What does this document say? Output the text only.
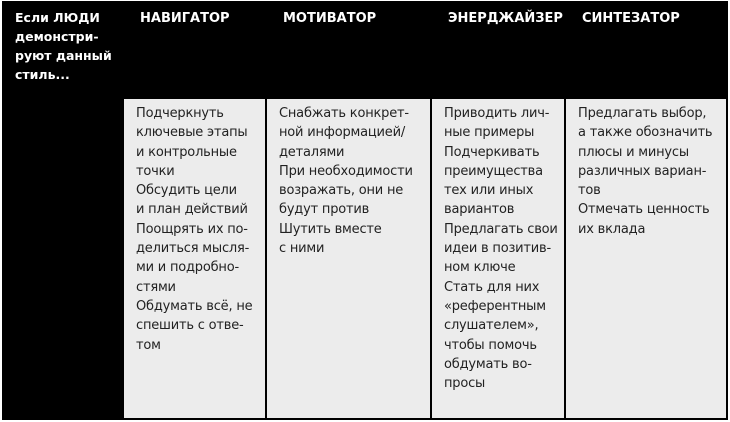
Если ЛЮДИ
демонстри-
руют данный
стиль...
НАВИГАТОР
Подчеркнуть
ключевые этапы
и контрольные
точки
Обсудить цели
и план действий
Поощрять их по-
делиться мысля-
ми и подробно-
стями
Обдумать всё, не
спешить с отве-
том
МОТИВАТОР
Снабжать конкрет-
ной информацией/
деталями
При необходимости
возражать, они не
будут против
Шутить вместе
с ними
ЭНЕРДЖАЙЗЕР
Приводить лич-
ные примеры
Подчеркивать
преимущества
тех или иных
вариантов
Предлагать свои
идеи в позитив-
ном ключе
Стать для них
«референтным
слушателем»,
чтобы помочь
обдумать во-
просы
СИНТЕЗАТОР
Предлагать выбор,
а также обозначить
плюсы и минусы
различных вариан-
тов
Отмечать ценность
их вклада
